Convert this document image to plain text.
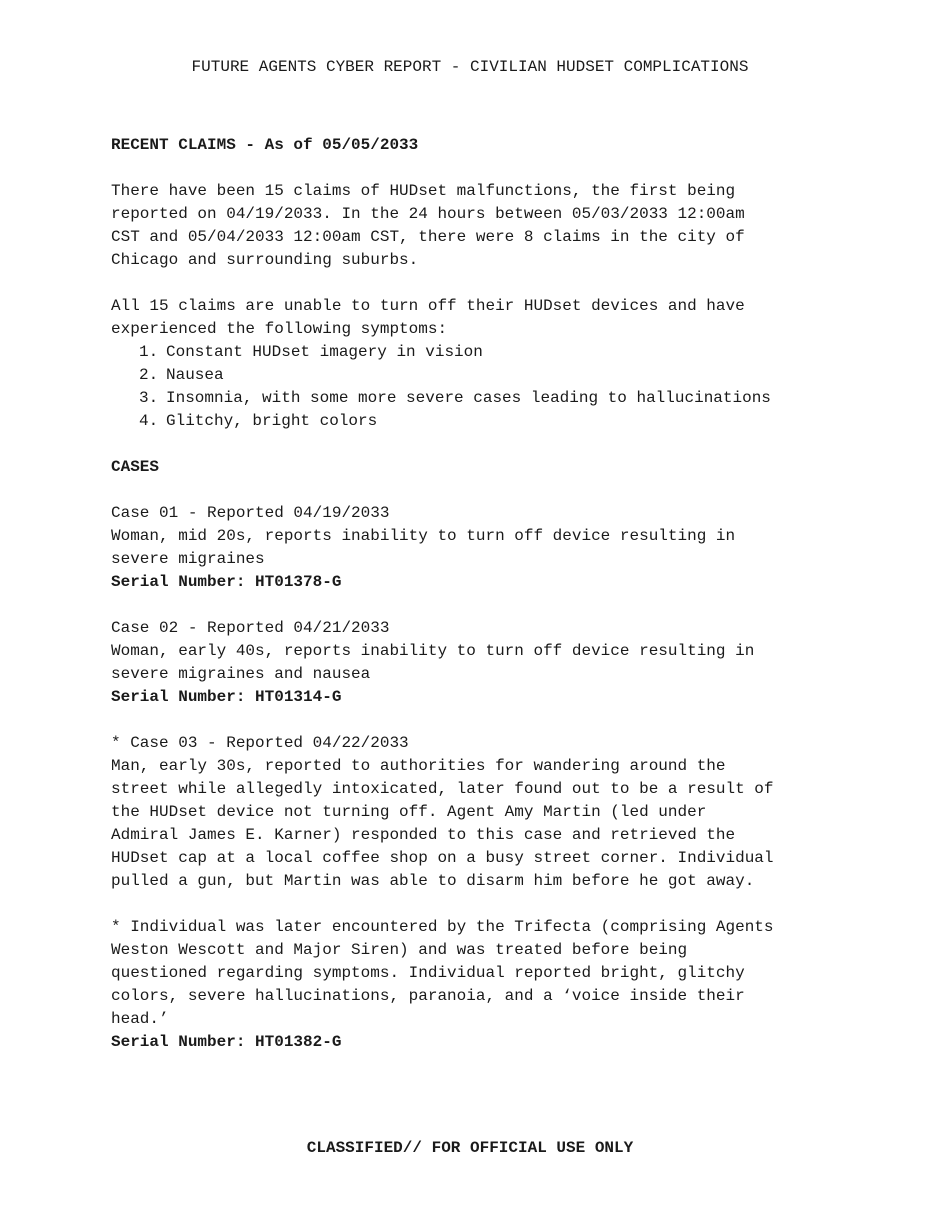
FUTURE AGENTS CYBER REPORT - CIVILIAN HUDSET COMPLICATIONS

RECENT CLAIMS - As of 05/05/2033

There have been 15 claims of HUDset malfunctions, the first being

reported on 04/19/2033. In the 24 hours between 05/03/2033 12:00am

CST and 05/04/2033 12:00am CST, there were 8 claims in the city of

Chicago and surrounding suburbs.

All 15 claims are unable to turn off their HUDset devices and have

experienced the following symptoms:

1. Constant HUDset imagery in vision
2. Nausea
3. Insomnia, with some more severe cases leading to hallucinations
4. Glitchy, bright colors

CASES

Case 01 - Reported 04/19/2033

Woman, mid 20s, reports inability to turn off device resulting in

severe migraines

Serial Number: HT01378-G

Case 02 - Reported 04/21/2033

Woman, early 40s, reports inability to turn off device resulting in

severe migraines and nausea

Serial Number: HT01314-G

* Case 03 - Reported 04/22/2033

Man, early 30s, reported to authorities for wandering around the

street while allegedly intoxicated, later found out to be a result of

the HUDset device not turning off. Agent Amy Martin (led under

Admiral James E. Karner) responded to this case and retrieved the

HUDset cap at a local coffee shop on a busy street corner. Individual

pulled a gun, but Martin was able to disarm him before he got away.

* Individual was later encountered by the Trifecta (comprising Agents

Weston Wescott and Major Siren) and was treated before being

questioned regarding symptoms. Individual reported bright, glitchy

colors, severe hallucinations, paranoia, and a ‘voice inside their

head.’

Serial Number: HT01382-G

CLASSIFIED// FOR OFFICIAL USE ONLY
